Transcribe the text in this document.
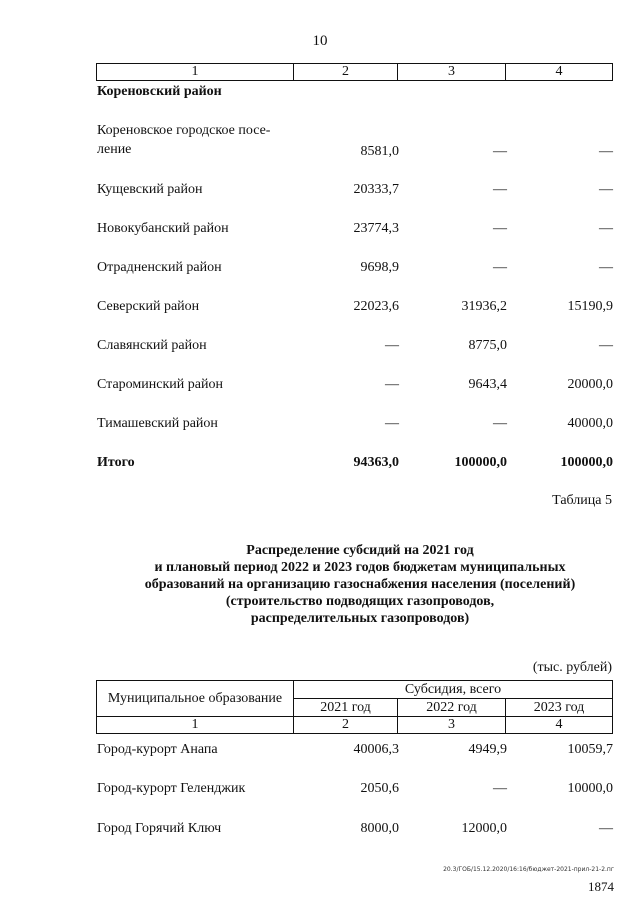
10
1	2	3	4
Кореновский район
Кореновское городское посе-
ление	8581,0	—	—
Кущевский район	20333,7	—	—
Новокубанский район	23774,3	—	—
Отрадненский район	9698,9	—	—
Северский район	22023,6	31936,2	15190,9
Славянский район	—	8775,0	—
Староминский район	—	9643,4	20000,0
Тимашевский район	—	—	40000,0
Итого	94363,0	100000,0	100000,0
Таблица 5
Распределение субсидий на 2021 год
и плановый период 2022 и 2023 годов бюджетам муниципальных
образований на организацию газоснабжения населения (поселений)
(строительство подводящих газопроводов,
распределительных газопроводов)
(тыс. рублей)
Муниципальное образование	Субсидия, всего		
	2021 год	2022 год	2023 год
1	2	3	4
Город-курорт Анапа	40006,3	4949,9	10059,7
Город-курорт Геленджик	2050,6	—	10000,0
Город Горячий Ключ	8000,0	12000,0	—
20.3/ГОБ/15.12.2020/16:16/бюджет-2021-прил-21-2.пг
1874
